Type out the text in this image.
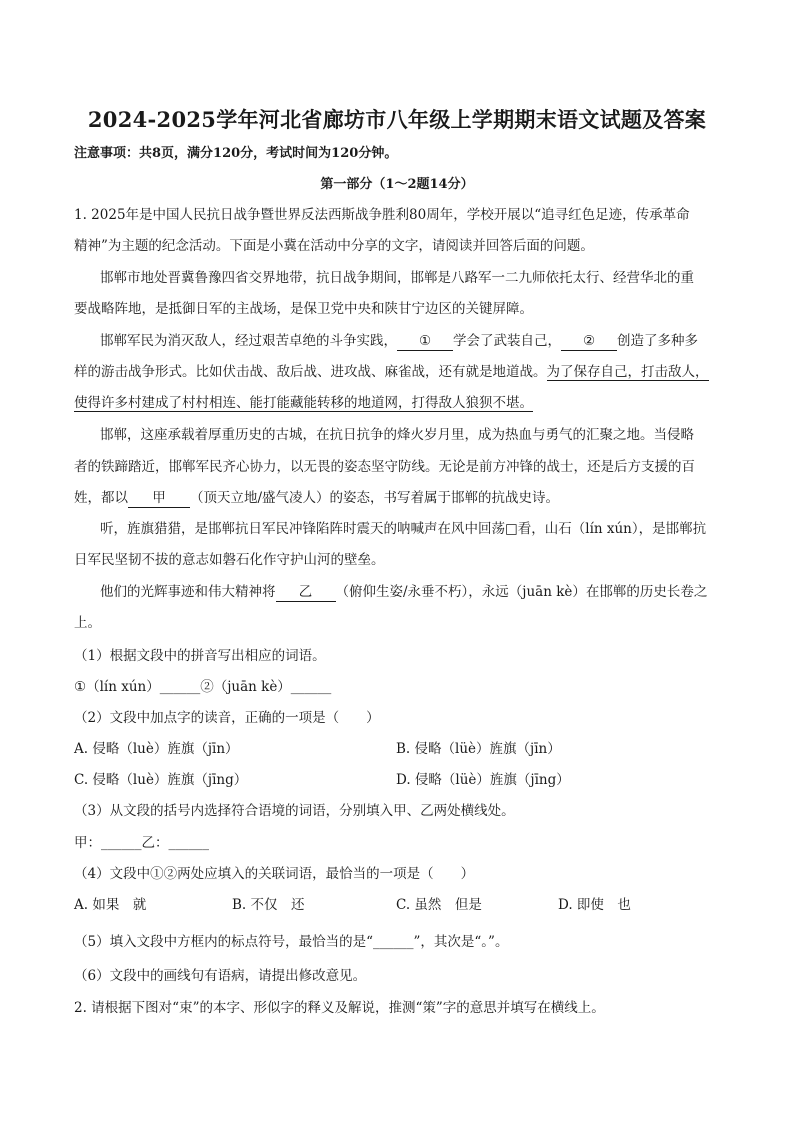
2024-2025学年河北省廊坊市八年级上学期期末语文试题及答案
注意事项：共8页，满分120分，考试时间为120分钟。
第一部分（1～2题14分）
1. 2025年是中国人民抗日战争暨世界反法西斯战争胜利80周年，学校开展以“追寻红色足迹，传承革命
精神”为主题的纪念活动。下面是小冀在活动中分享的文字，请阅读并回答后面的问题。
邯郸市地处晋冀鲁豫四省交界地带，抗日战争期间，邯郸是八路军一二九师依托太行、经营华北的重
要战略阵地，是抵御日军的主战场，是保卫党中央和陕甘宁边区的关键屏障。
邯郸军民为消灭敌人，经过艰苦卓绝的斗争实践， ① 学会了武装自己， ② 创造了多种多
样的游击战争形式。比如伏击战、敌后战、进攻战、麻雀战，还有就是地道战。为了保存自己，打击敌人，
使得许多村建成了村村相连、能打能藏能转移的地道网，打得敌人狼狈不堪。
邯郸，这座承载着厚重历史的古城，在抗日抗争的烽火岁月里，成为热血与勇气的汇聚之地。当侵略
者的铁蹄踏近，邯郸军民齐心协力，以无畏的姿态坚守防线。无论是前方冲锋的战士，还是后方支援的百
姓，都以 甲 （顶天立地/盛气凌人）的姿态，书写着属于邯郸的抗战史诗。
听，旌旗猎猎，是邯郸抗日军民冲锋陷阵时震天的呐喊声在风中回荡□看，山石（lín xún），是邯郸抗
日军民坚韧不拔的意志如磐石化作守护山河的壁垒。
他们的光辉事迹和伟大精神将 乙 （俯仰生姿/永垂不朽），永远（juān kè）在邯郸的历史长卷之
上。
（1）根据文段中的拼音写出相应的词语。
①（lín xún）______②（juān kè）______
（2）文段中加点字的读音，正确的一项是（　　）
A. 侵略（luè）旌旗（jīn）	B. 侵略（lüè）旌旗（jīn）
C. 侵略（luè）旌旗（jīng）	D. 侵略（lüè）旌旗（jīng）
（3）从文段的括号内选择符合语境的词语，分别填入甲、乙两处横线处。
甲：______乙：______
（4）文段中①②两处应填入的关联词语，最恰当的一项是（　　）
A. 如果　就	B. 不仅　还	C. 虽然　但是	D. 即使　也
（5）填入文段中方框内的标点符号，最恰当的是“______”，其次是“。”。
（6）文段中的画线句有语病，请提出修改意见。
2. 请根据下图对“束”的本字、形似字的释义及解说，推测“策”字的意思并填写在横线上。
